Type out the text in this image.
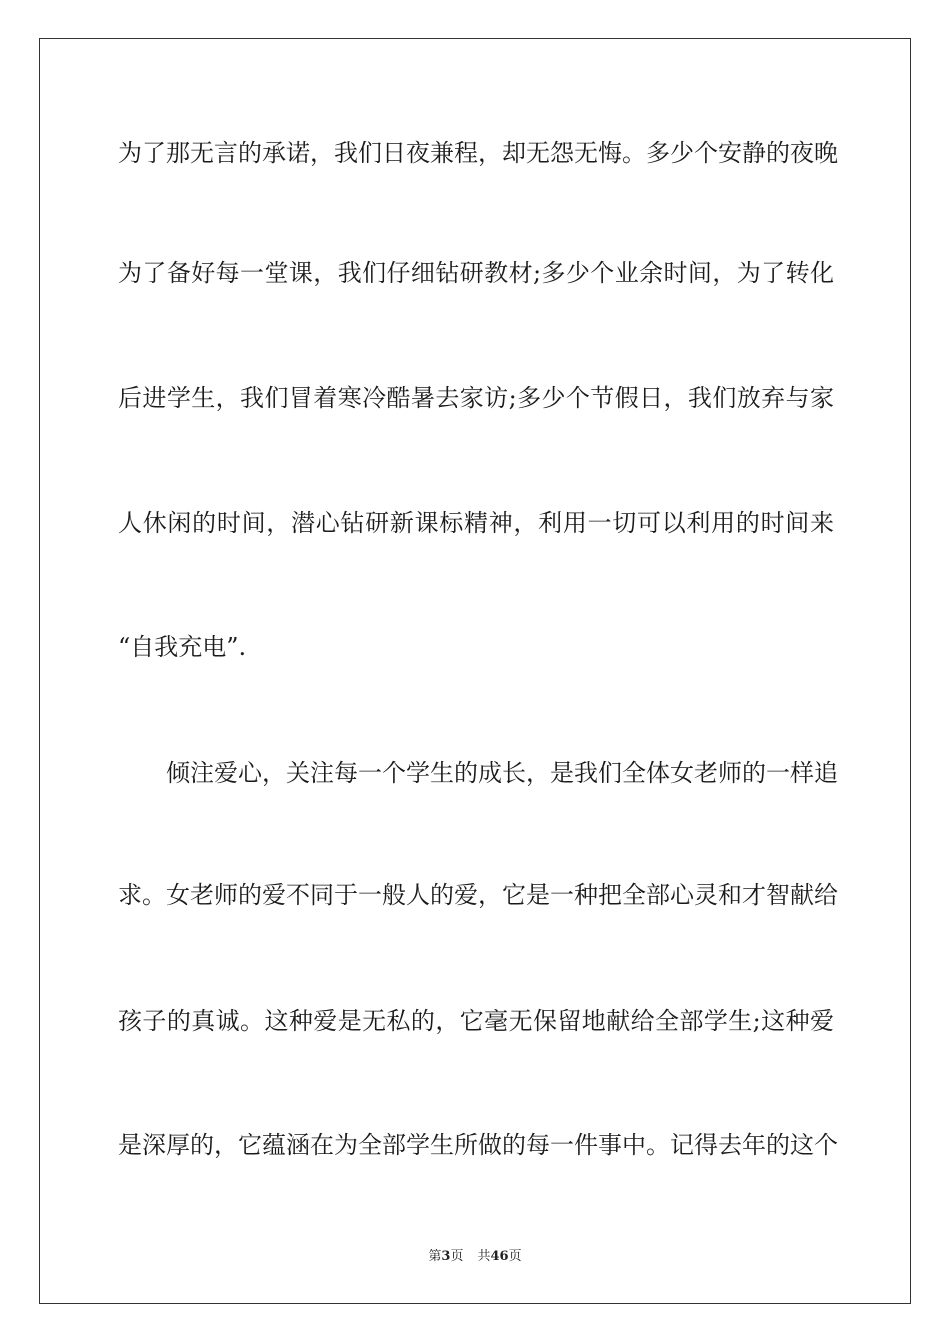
为了那无言的承诺，我们日夜兼程，却无怨无悔。多少个安静的夜晚
为了备好每一堂课，我们仔细钻研教材;多少个业余时间，为了转化
后进学生，我们冒着寒冷酷暑去家访;多少个节假日，我们放弃与家
人休闲的时间，潜心钻研新课标精神，利用一切可以利用的时间来
“自我充电”.
倾注爱心，关注每一个学生的成长，是我们全体女老师的一样追
求。女老师的爱不同于一般人的爱，它是一种把全部心灵和才智献给
孩子的真诚。这种爱是无私的，它毫无保留地献给全部学生;这种爱
是深厚的，它蕴涵在为全部学生所做的每一件事中。记得去年的这个
第3页 共46页
